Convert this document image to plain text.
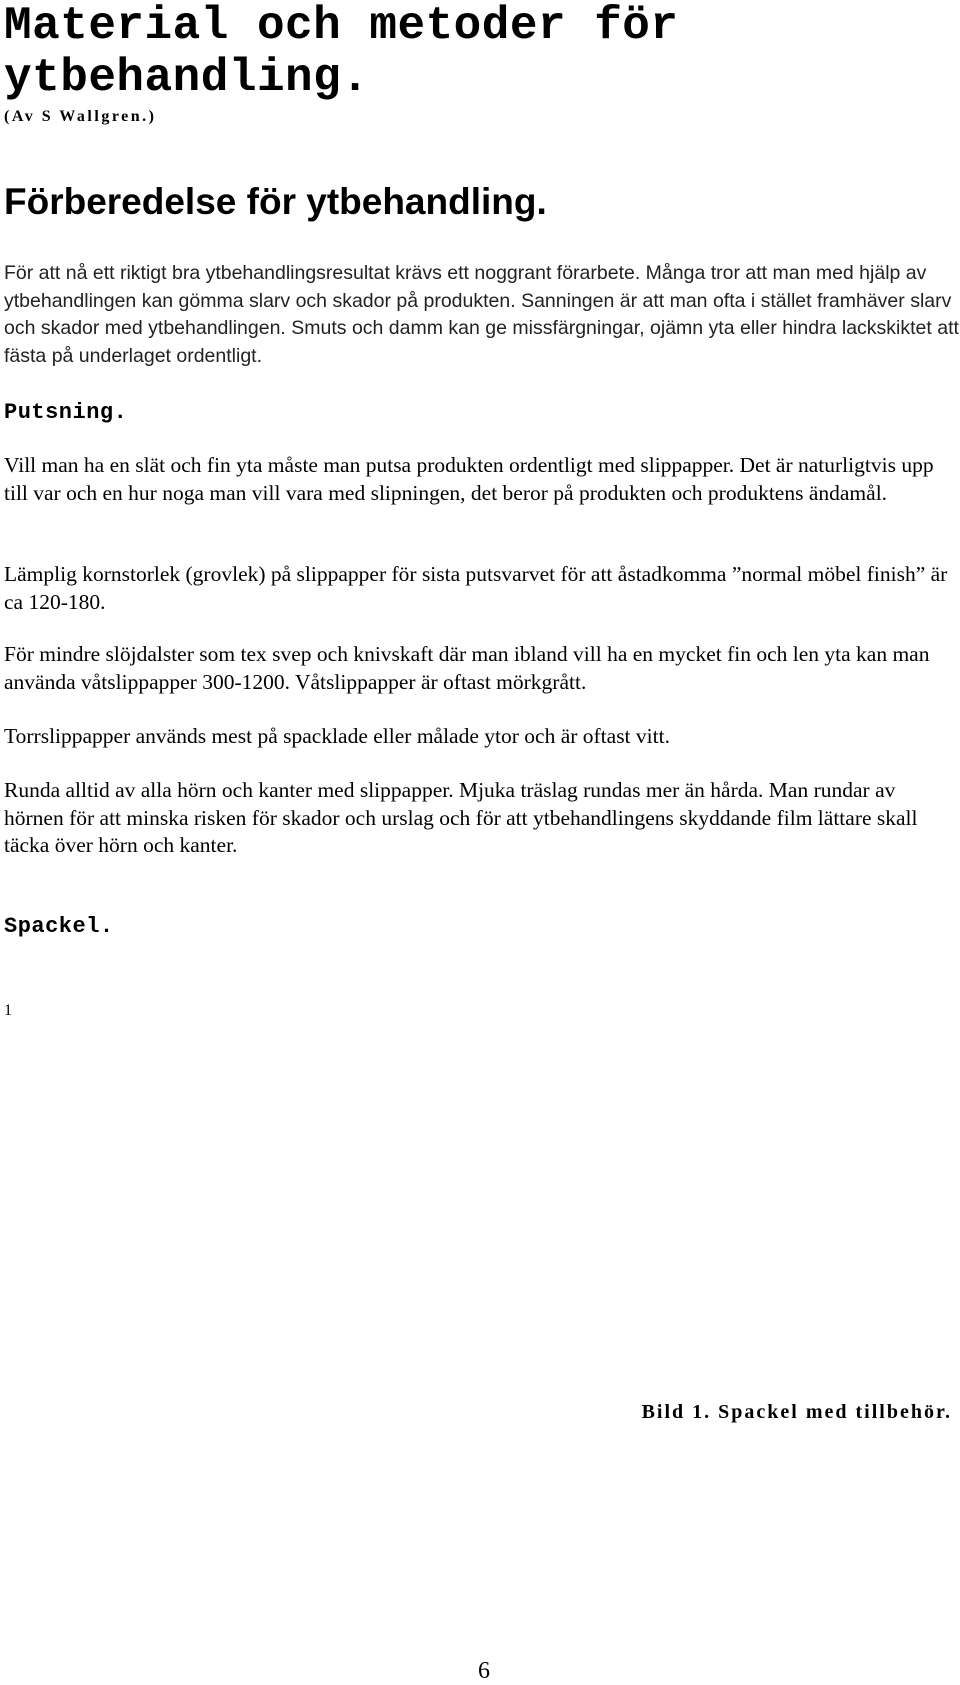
Material och metoder för ytbehandling.

(Av S Wallgren.)

Förberedelse för ytbehandling.

För att nå ett riktigt bra ytbehandlingsresultat krävs ett noggrant förarbete. Många tror att man med hjälp av ytbehandlingen kan gömma slarv och skador på produkten. Sanningen är att man ofta i stället framhäver slarv och skador med ytbehandlingen. Smuts och damm kan ge missfärgningar, ojämn yta eller hindra lackskiktet att fästa på underlaget ordentligt.

Putsning.

Vill man ha en slät och fin yta måste man putsa produkten ordentligt med slippapper. Det är naturligtvis upp till var och en hur noga man vill vara med slipningen, det beror på produkten och produktens ändamål.

Lämplig kornstorlek (grovlek) på slippapper för sista putsvarvet för att åstadkomma ”normal möbel finish” är ca 120-180.

För mindre slöjdalster som tex svep och knivskaft där man ibland vill ha en mycket fin och len yta kan man använda våtslippapper 300-1200. Våtslippapper är oftast mörkgrått.

Torrslippapper används mest på spacklade eller målade ytor och är oftast vitt.

Runda alltid av alla hörn och kanter med slippapper. Mjuka träslag rundas mer än hårda. Man rundar av hörnen för att minska risken för skador och urslag och för att ytbehandlingens skyddande film lättare skall täcka över hörn och kanter.

Spackel.
1

Bild 1. Spackel med tillbehör.

6
